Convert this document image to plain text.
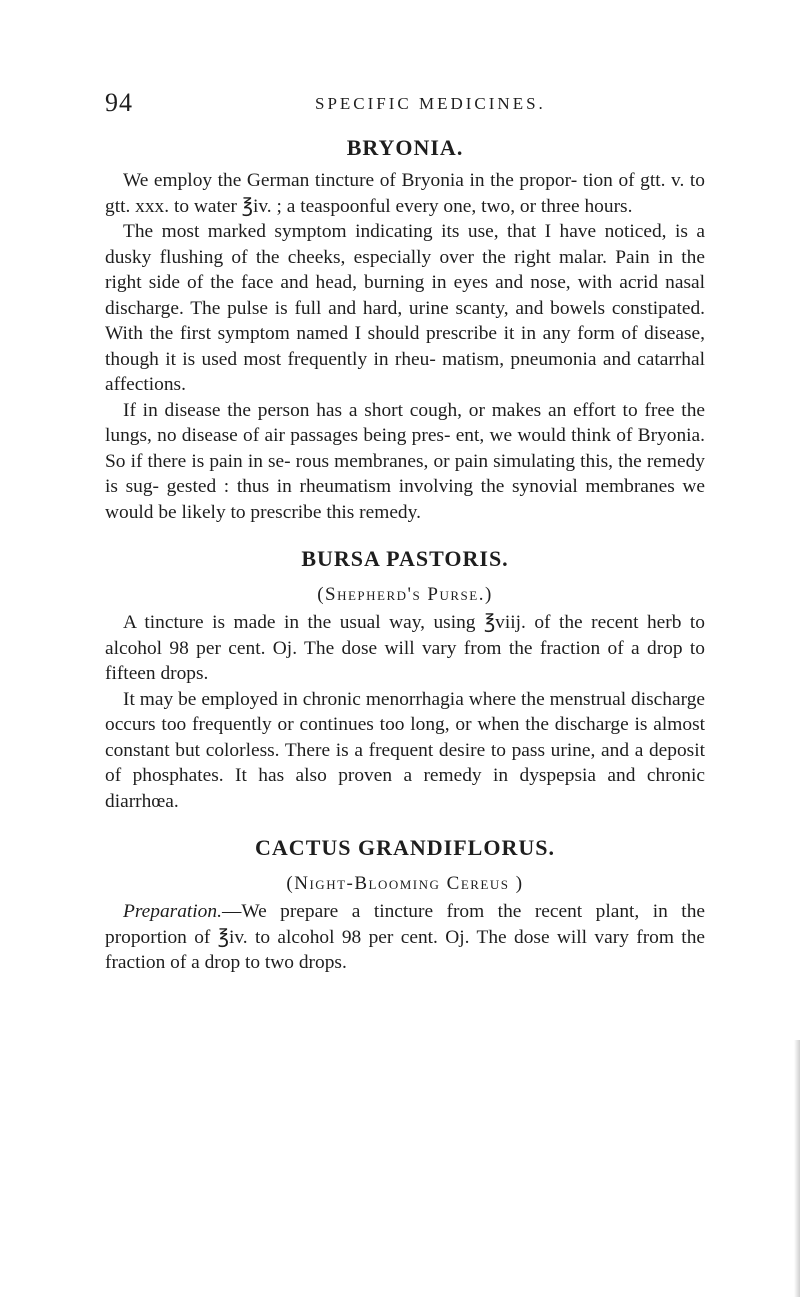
94	SPECIFIC MEDICINES.
BRYONIA.

We employ the German tincture of Bryonia in the propor- tion of gtt. v. to gtt. xxx. to water ℥iv. ; a teaspoonful every one, two, or three hours.

The most marked symptom indicating its use, that I have noticed, is a dusky flushing of the cheeks, especially over the right malar. Pain in the right side of the face and head, burning in eyes and nose, with acrid nasal discharge. The pulse is full and hard, urine scanty, and bowels constipated. With the first symptom named I should prescribe it in any form of disease, though it is used most frequently in rheu- matism, pneumonia and catarrhal affections.

If in disease the person has a short cough, or makes an effort to free the lungs, no disease of air passages being pres- ent, we would think of Bryonia. So if there is pain in se- rous membranes, or pain simulating this, the remedy is sug- gested : thus in rheumatism involving the synovial membranes we would be likely to prescribe this remedy.

BURSA PASTORIS.
(Shepherd's Purse.)

A tincture is made in the usual way, using ℥viij. of the recent herb to alcohol 98 per cent. Oj. The dose will vary from the fraction of a drop to fifteen drops.

It may be employed in chronic menorrhagia where the menstrual discharge occurs too frequently or continues too long, or when the discharge is almost constant but colorless. There is a frequent desire to pass urine, and a deposit of phosphates. It has also proven a remedy in dyspepsia and chronic diarrhœa.

CACTUS GRANDIFLORUS.
(Night-Blooming Cereus )

Preparation.—We prepare a tincture from the recent plant, in the proportion of ℥iv. to alcohol 98 per cent. Oj. The dose will vary from the fraction of a drop to two drops.
